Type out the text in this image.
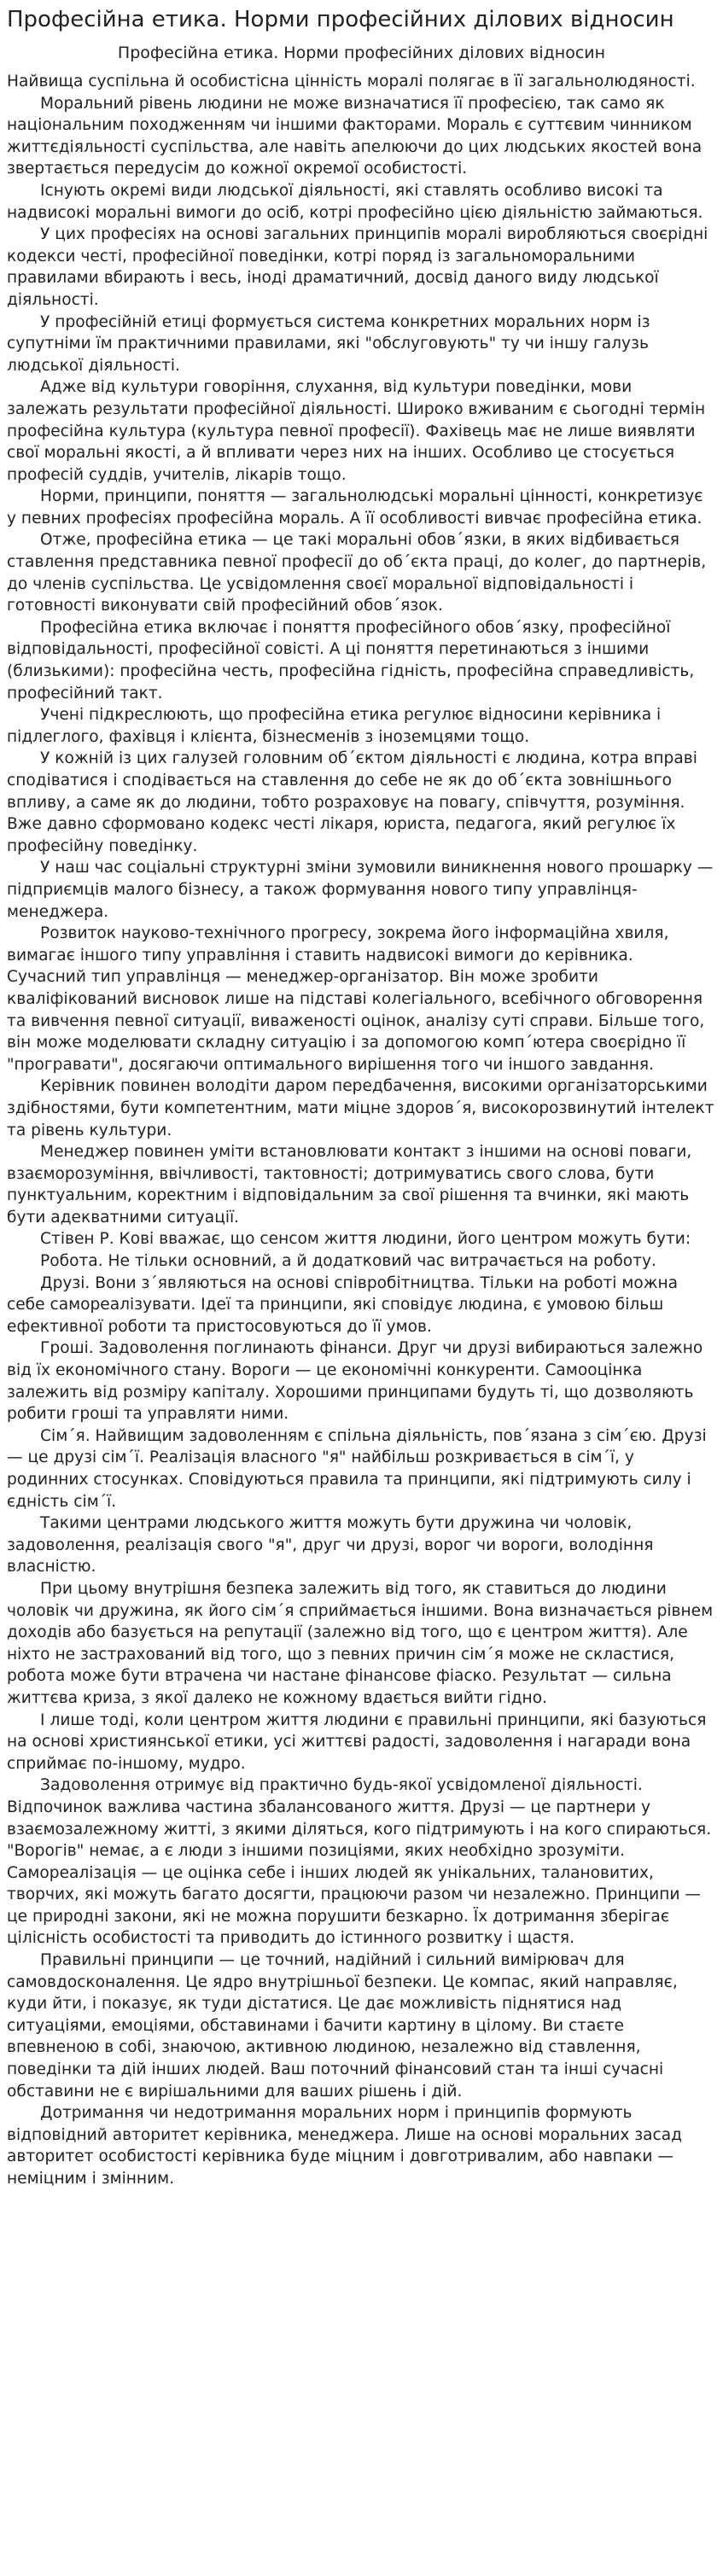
Професійна етика. Норми професійних ділових відносин
Професійна етика. Норми професійних ділових відносин

Найвища суспільна й особистісна цінність моралі полягає в її загальнолюдяності.

Моральний рівень людини не може визначатися її професією, так само як національним походженням чи іншими факторами. Мораль є суттєвим чинником життєдіяльності суспільства, але навіть апелюючи до цих людських якостей вона звертається передусім до кожної окремої особистості.

Існують окремі види людської діяльності, які ставлять особливо високі та надвисокі моральні вимоги до осіб, котрі професійно цією діяльністю займаються.

У цих професіях на основі загальних принципів моралі виробляються своєрідні кодекси честі, професійної поведінки, котрі поряд із загальноморальними правилами вбирають і весь, іноді драматичний, досвід даного виду людської діяльності.

У професійній етиці формується система конкретних моральних норм із супутніми їм практичними правилами, які "обслуговують" ту чи іншу галузь людської діяльності.

Адже від культури говоріння, слухання, від культури поведінки, мови залежать результати професійної діяльності. Широко вживаним є сьогодні термін професійна культура (культура певної професії). Фахівець має не лише виявляти свої моральні якості, а й впливати через них на інших. Особливо це стосується професій суддів, учителів, лікарів тощо.

Норми, принципи, поняття — загальнолюдські моральні цінності, конкретизує у певних професіях професійна мораль. А її особливості вивчає професійна етика.

Отже, професійна етика — це такі моральні обов´язки, в яких відбивається ставлення представника певної професії до об´єкта праці, до колег, до партнерів, до членів суспільства. Це усвідомлення своєї моральної відповідальності і готовності виконувати свій професійний обов´язок.

Професійна етика включає і поняття професійного обов´язку, професійної відповідальності, професійної совісті. А ці поняття перетинаються з іншими (близькими): професійна честь, професійна гідність, професійна справедливість, професійний такт.

Учені підкреслюють, що професійна етика регулює відносини керівника і підлеглого, фахівця і клієнта, бізнесменів з іноземцями тощо.

У кожній із цих галузей головним об´єктом діяльності є людина, котра вправі сподіватися і сподівається на ставлення до себе не як до об´єкта зовнішнього впливу, а саме як до людини, тобто розраховує на повагу, співчуття, розуміння. Вже давно сформовано кодекс честі лікаря, юриста, педагога, який регулює їх професійну поведінку.

У наш час соціальні структурні зміни зумовили виникнення нового прошарку — підприємців малого бізнесу, а також формування нового типу управлінця-менеджера.

Розвиток науково-технічного прогресу, зокрема його інформаційна хвиля, вимагає іншого типу управління і ставить надвисокі вимоги до керівника. Сучасний тип управлінця — менеджер-організатор. Він може зробити кваліфікований висновок лише на підставі колегіального, всебічного обговорення та вивчення певної ситуації, виваженості оцінок, аналізу суті справи. Більше того, він може моделювати складну ситуацію і за допомогою комп´ютера своєрідно її "програвати", досягаючи оптимального вирішення того чи іншого завдання.

Керівник повинен володіти даром передбачення, високими організаторськими здібностями, бути компетентним, мати міцне здоров´я, високорозвинутий інтелект та рівень культури.

Менеджер повинен уміти встановлювати контакт з іншими на основі поваги, взаєморозуміння, ввічливості, тактовності; дотримуватись свого слова, бути пунктуальним, коректним і відповідальним за свої рішення та вчинки, які мають бути адекватними ситуації.

Стівен Р. Кові вважає, що сенсом життя людини, його центром можуть бути:

Робота. Не тільки основний, а й додатковий час витрачається на роботу.

Друзі. Вони з´являються на основі співробітництва. Тільки на роботі можна себе самореалізувати. Ідеї та принципи, які сповідує людина, є умовою більш ефективної роботи та пристосовуються до її умов.

Гроші. Задоволення поглинають фінанси. Друг чи друзі вибираються залежно від їх економічного стану. Вороги — це економічні конкуренти. Самооцінка залежить від розміру капіталу. Хорошими принципами будуть ті, що дозволяють робити гроші та управляти ними.

Сім´я. Найвищим задоволенням є спільна діяльність, пов´язана з сім´єю. Друзі — це друзі сім´ї. Реалізація власного "я" найбільш розкривається в сім´ї, у родинних стосунках. Сповідуються правила та принципи, які підтримують силу і єдність сім´ї.

Такими центрами людського життя можуть бути дружина чи чоловік, задоволення, реалізація свого "я", друг чи друзі, ворог чи вороги, володіння власністю.

При цьому внутрішня безпека залежить від того, як ставиться до людини чоловік чи дружина, як його сім´я сприймається іншими. Вона визначається рівнем доходів або базується на репутації (залежно від того, що є центром життя). Але ніхто не застрахований від того, що з певних причин сім´я може не скластися, робота може бути втрачена чи настане фінансове фіаско. Результат — сильна життєва криза, з якої далеко не кожному вдається вийти гідно.

І лише тоді, коли центром життя людини є правильні принципи, які базуються на основі християнської етики, усі життєві радості, задоволення і нагаради вона сприймає по-іншому, мудро.

Задоволення отримує від практично будь-якої усвідомленої діяльності. Відпочинок важлива частина збалансованого життя. Друзі — це партнери у взаємозалежному житті, з якими діляться, кого підтримують і на кого спираються. "Ворогів" немає, а є люди з іншими позиціями, яких необхідно зрозуміти. Самореалізація — це оцінка себе і інших людей як унікальних, талановитих, творчих, які можуть багато досягти, працюючи разом чи незалежно. Принципи — це природні закони, які не можна порушити безкарно. Їх дотримання зберігає цілісність особистості та приводить до істинного розвитку і щастя.

Правильні принципи — це точний, надійний і сильний вимірювач для самовдосконалення. Це ядро внутрішньої безпеки. Це компас, який направляє, куди йти, і показує, як туди дістатися. Це дає можливість піднятися над ситуаціями, емоціями, обставинами і бачити картину в цілому. Ви стаєте впевненою в собі, знаючою, активною людиною, незалежно від ставлення, поведінки та дій інших людей. Ваш поточний фінансовий стан та інші сучасні обставини не є вирішальними для ваших рішень і дій.

Дотримання чи недотримання моральних норм і принципів формують відповідний авторитет керівника, менеджера. Лише на основі моральних засад авторитет особистості керівника буде міцним і довготривалим, або навпаки — неміцним і змінним.
